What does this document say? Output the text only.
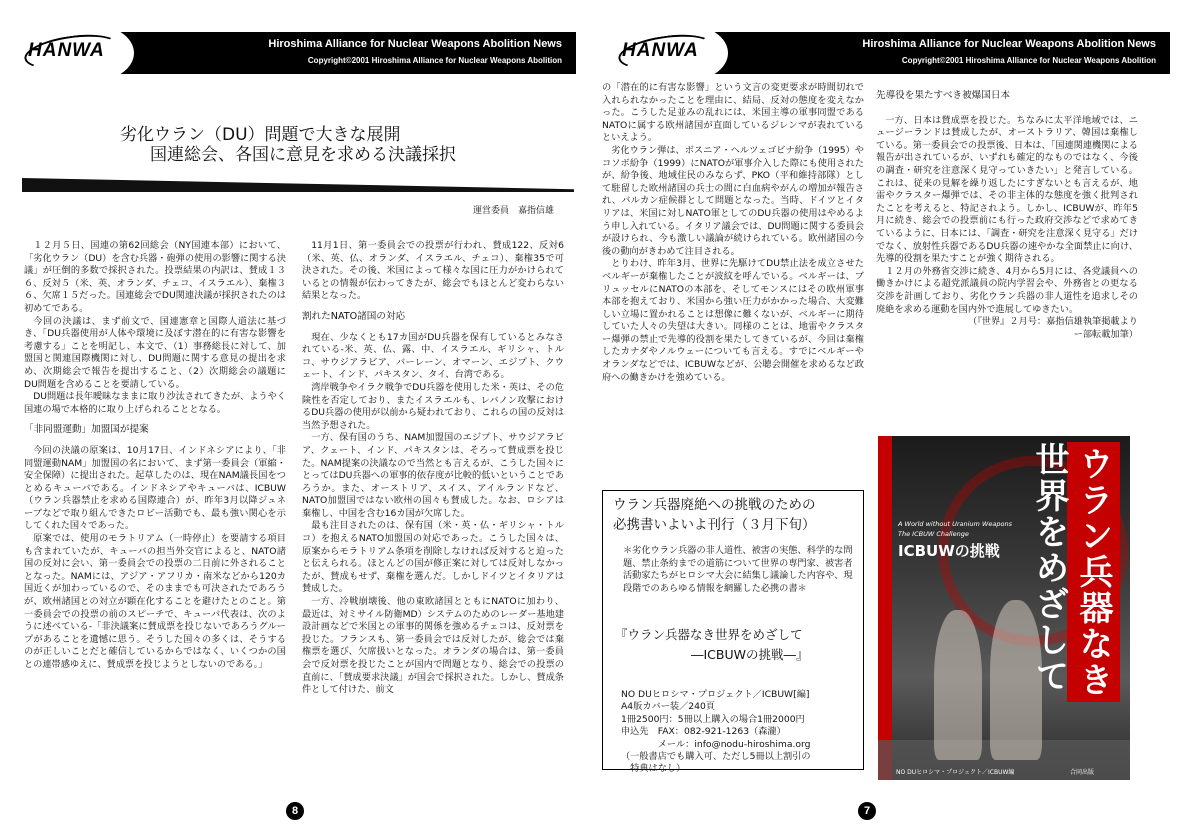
HANWA	Hiroshima Alliance for Nuclear Weapons Abolition News
Copyright©2001 Hiroshima Alliance for Nuclear Weapons Abolition
劣化ウラン（DU）問題で大きな展開
国連総会、各国に意見を求める決議採択
運営委員　嘉指信雄

１２月５日、国連の第62回総会（NY国連本部）において、「劣化ウラン（DU）を含む兵器・砲弾の使用の影響に関する決議」が圧倒的多数で採択された。投票結果の内訳は、賛成１３６、反対５（米、英、オランダ、チェコ、イスラエル）、棄権３６、欠席１５だった。国連総会でDU関連決議が採択されたのは初めてである。

今回の決議は、まず前文で、国連憲章と国際人道法に基づき、「DU兵器使用が人体や環境に及ぼす潜在的に有害な影響を考慮する」ことを明記し、本文で、（1）事務総長に対して、加盟国と関連国際機関に対し、DU問題に関する意見の提出を求め、次期総会で報告を提出すること、（2）次期総会の議題にDU問題を含めることを要請している。

DU問題は長年曖昧なままに取り沙汰されてきたが、ようやく国連の場で本格的に取り上げられることとなる。

「非同盟運動」加盟国が提案

今回の決議の原案は、10月17日、インドネシアにより、「非同盟運動NAM」加盟国の名において、まず第一委員会（軍縮・安全保障）に提出された。起草したのは、現在NAM議長国をつとめるキューバである。インドネシアやキューバは、ICBUW（ウラン兵器禁止を求める国際連合）が、昨年3月以降ジュネーブなどで取り組んできたロビー活動でも、最も強い関心を示してくれた国々であった。

原案では、使用のモラトリアム（一時停止）を要請する項目も含まれていたが、キューバの担当外交官によると、NATO諸国の反対に会い、第一委員会での投票の二日前に外されることとなった。NAMには、アジア・アフリカ・南米などから120カ国近くが加わっているので、そのままでも可決されたであろうが、欧州諸国との対立が顕在化することを避けたとのこと。第一委員会での投票の前のスピーチで、キューバ代表は、次のように述べている‐「非決議案に賛成票を投じないであろうグループがあることを遺憾に思う。そうした国々の多くは、そうするのが正しいことだと確信しているからではなく、いくつかの国との連帯感ゆえに、賛成票を投じようとしないのである。」

11月1日、第一委員会での投票が行われ、賛成122、反対6（米、英、仏、オランダ、イスラエル、チェコ）、棄権35で可決された。その後、米国によって様々な国に圧力がかけられているとの情報が伝わってきたが、総会でもほとんど変わらない結果となった。

割れたNATO諸国の対応

現在、少なくとも17カ国がDU兵器を保有しているとみなされている‐米、英、仏、露、中、イスラエル、ギリシャ、トルコ、サウジアラビア、バーレーン、オマーン、エジプト、クウェート、インド、パキスタン、タイ、台湾である。

湾岸戦争やイラク戦争でDU兵器を使用した米・英は、その危険性を否定しており、またイスラエルも、レバノン攻撃におけるDU兵器の使用が以前から疑われており、これらの国の反対は当然予想された。

一方、保有国のうち、NAM加盟国のエジプト、サウジアラビア、クェート、インド、パキスタンは、そろって賛成票を投じた。NAM提案の決議なので当然とも言えるが、こうした国々にとってはDU兵器への軍事的依存度が比較的低いということであろうか。また、オーストリア、スイス、アイルランドなど、NATO加盟国ではない欧州の国々も賛成した。なお、ロシアは棄権し、中国を含む16カ国が欠席した。

最も注目されたのは、保有国（米・英・仏・ギリシャ・トルコ）を抱えるNATO加盟国の対応であった。こうした国々は、原案からモラトリアム条項を削除しなければ反対すると迫ったと伝えられる。ほとんどの国が修正案に対しては反対しなかったが、賛成もせず、棄権を選んだ。しかしドイツとイタリアは賛成した。

一方、冷戦崩壊後、他の東欧諸国とともにNATOに加わり、最近は、対ミサイル防衛MD）システムのためのレーダー基地建設計画などで米国との軍事的関係を強めるチェコは、反対票を投じた。フランスも、第一委員会では反対したが、総会では棄権票を選び、欠席扱いとなった。オランダの場合は、第一委員会で反対票を投じたことが国内で問題となり、総会での投票の直前に、「賛成要求決議」が国会で採択された。しかし、賛成条件として付けた、前文

8
HANWA	Hiroshima Alliance for Nuclear Weapons Abolition News
Copyright©2001 Hiroshima Alliance for Nuclear Weapons Abolition

の「潜在的に有害な影響」という文言の変更要求が時間切れで入れられなかったことを理由に、結局、反対の態度を変えなかった。こうした足並みの乱れには、米国主導の軍事同盟であるNATOに属する欧州諸国が直面しているジレンマが表れているといえよう。

劣化ウラン弾は、ボスニア・ヘルツェゴビナ紛争（1995）やコソボ紛争（1999）にNATOが軍事介入した際にも使用されたが、紛争後、地域住民のみならず、PKO（平和維持部隊）として駐留した欧州諸国の兵士の間に白血病やがんの増加が報告され、バルカン症候群として問題となった。当時、ドイツとイタリアは、米国に対しNATO軍としてのDU兵器の使用はやめるよう申し入れている。イタリア議会では、DU問題に関する委員会が設けられ、今も激しい議論が続けられている。欧州諸国の今後の動向がきわめて注目される。

とりわけ、昨年3月、世界に先駆けてDU禁止法を成立させたベルギーが棄権したことが波紋を呼んでいる。ベルギーは、ブリュッセルにNATOの本部を、そしてモンスにはその欧州軍事本部を抱えており、米国から強い圧力がかかった場合、大変難しい立場に置かれることは想像に難くないが、ベルギーに期待していた人々の失望は大きい。同様のことは、地雷やクラスター爆弾の禁止で先導的役割を果たしてきているが、今回は棄権したカナダやノルウェーについても言える。すでにベルギーやオランダなどでは、ICBUWなどが、公聴会開催を求めるなど政府への働きかけを強めている。

先導役を果たすべき被爆国日本

一方、日本は賛成票を投じた。ちなみに太平洋地域では、ニュージーランドは賛成したが、オーストラリア、韓国は棄権している。第一委員会での投票後、日本は、「国連関連機関による報告が出されているが、いずれも確定的なものではなく、今後の調査・研究を注意深く見守っていきたい」と発言している。これは、従来の見解を繰り返したにすぎないとも言えるが、地雷やクラスター爆弾では、その非主体的な態度を強く批判されたことを考えると、特記されよう。しかし、ICBUWが、昨年5月に続き、総会での投票前にも行った政府交渉などで求めてきているように、日本には、「調査・研究を注意深く見守る」だけでなく、放射性兵器であるDU兵器の速やかな全面禁止に向け、先導的役割を果たすことが強く期待される。

１２月の外務省交渉に続き、4月から5月には、各党議員への働きかけによる超党派議員の院内学習会や、外務省との更なる交渉を計画しており、劣化ウラン兵器の非人道性を追求しその廃絶を求める運動を国内外で進展してゆきたい。

（『世界』２月号：嘉指信雄執筆掲載より

ー部転載加筆）

7
ウラン兵器廃絶への挑戦のための
必携書いよいよ刊行（３月下旬）
＊劣化ウラン兵器の非人道性、被害の実態、科学的な問題、禁止条約までの道筋について世界の専門家、被害者活動家たちがヒロシマ大会に結集し議論した内容や、現段階でのあらゆる情報を網羅した必携の書＊
『ウラン兵器なき世界をめざして
―ICBUWの挑戦―』
NO DUヒロシマ・プロジェクト／ICBUW[編]
A4版カバー装／240頁
1冊2500円：5冊以上購入の場合1冊2000円
申込先　FAX：082-921-1263（森瀧）
　　　　メール：info@nodu-hiroshima.org
（一般書店でも購入可、ただし5冊以上割引の
　特典はなし）
ウラン兵器なき
世界をめざして
A World without Uranium Weapons
The ICBUW Challenge
ICBUWの挑戦
NO DUヒロシマ・プロジェクト／ICBUW編	合同出版
